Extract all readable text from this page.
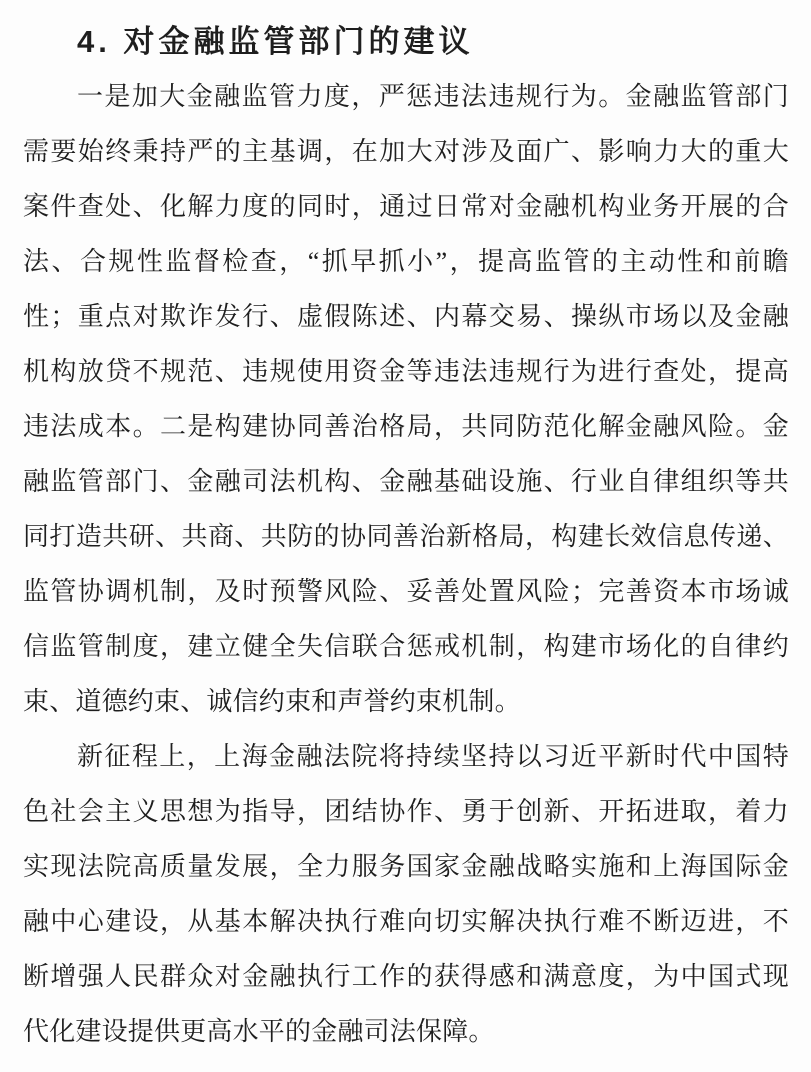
4. 对金融监管部门的建议
一是加大金融监管力度，严惩违法违规行为。金融监管部门
需要始终秉持严的主基调，在加大对涉及面广、影响力大的重大
案件查处、化解力度的同时，通过日常对金融机构业务开展的合
法、合规性监督检查，“抓早抓小”，提高监管的主动性和前瞻
性；重点对欺诈发行、虚假陈述、内幕交易、操纵市场以及金融
机构放贷不规范、违规使用资金等违法违规行为进行查处，提高
违法成本。二是构建协同善治格局，共同防范化解金融风险。金
融监管部门、金融司法机构、金融基础设施、行业自律组织等共
同打造共研、共商、共防的协同善治新格局，构建长效信息传递、
监管协调机制，及时预警风险、妥善处置风险；完善资本市场诚
信监管制度，建立健全失信联合惩戒机制，构建市场化的自律约
束、道德约束、诚信约束和声誉约束机制。
新征程上，上海金融法院将持续坚持以习近平新时代中国特
色社会主义思想为指导，团结协作、勇于创新、开拓进取，着力
实现法院高质量发展，全力服务国家金融战略实施和上海国际金
融中心建设，从基本解决执行难向切实解决执行难不断迈进，不
断增强人民群众对金融执行工作的获得感和满意度，为中国式现
代化建设提供更高水平的金融司法保障。
